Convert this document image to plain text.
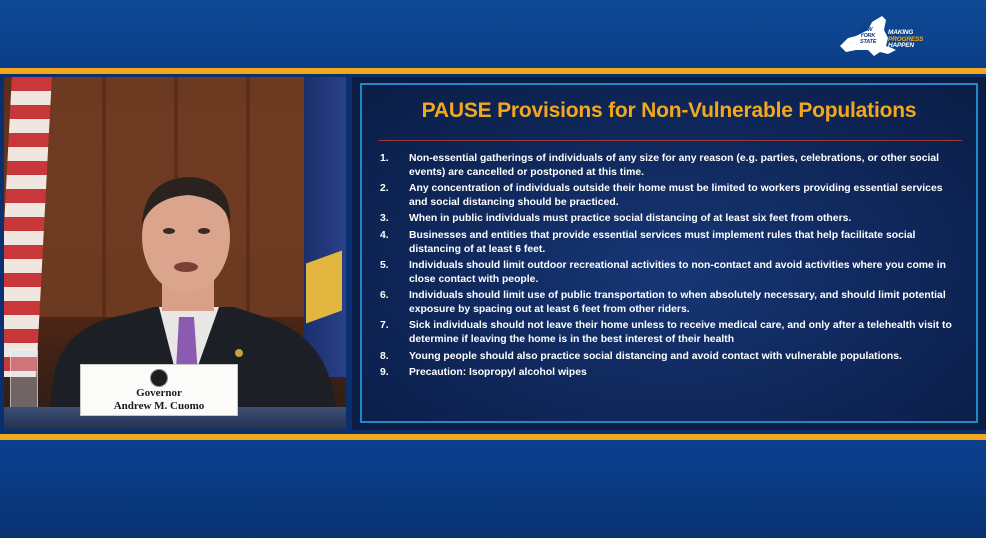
NEW
YORK
STATE
MAKING
PROGRESS
HAPPEN
Governor
Andrew M. Cuomo
PAUSE Provisions for Non-Vulnerable Populations
1. Non-essential gatherings of individuals of any size for any reason (e.g. parties, celebrations, or other social events) are cancelled or postponed at this time.
2. Any concentration of individuals outside their home must be limited to workers providing essential services and social distancing should be practiced.
3. When in public individuals must practice social distancing of at least six feet from others.
4. Businesses and entities that provide essential services must implement rules that help facilitate social distancing of at least 6 feet.
5. Individuals should limit outdoor recreational activities to non-contact and avoid activities where you come in close contact with people.
6. Individuals should limit use of public transportation to when absolutely necessary, and should limit potential exposure by spacing out at least 6 feet from other riders.
7. Sick individuals should not leave their home unless to receive medical care, and only after a telehealth visit to determine if leaving the home is in the best interest of their health
8. Young people should also practice social distancing and avoid contact with vulnerable populations.
9. Precaution: Isopropyl alcohol wipes
